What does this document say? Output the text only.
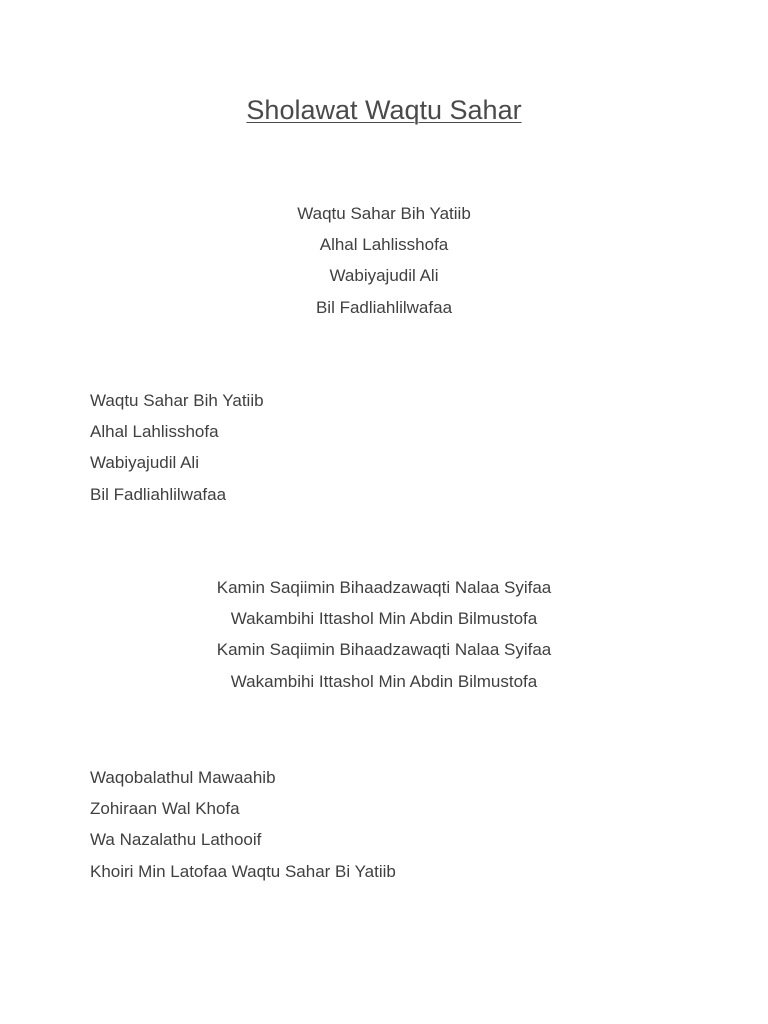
Sholawat Waqtu Sahar
Waqtu Sahar Bih Yatiib
Alhal Lahlisshofa
Wabiyajudil Ali
Bil Fadliahlilwafaa
Waqtu Sahar Bih Yatiib
Alhal Lahlisshofa
Wabiyajudil Ali
Bil Fadliahlilwafaa
Kamin Saqiimin Bihaadzawaqti Nalaa Syifaa
Wakambihi Ittashol Min Abdin Bilmustofa
Kamin Saqiimin Bihaadzawaqti Nalaa Syifaa
Wakambihi Ittashol Min Abdin Bilmustofa
Waqobalathul Mawaahib
Zohiraan Wal Khofa
Wa Nazalathu Lathooif
Khoiri Min Latofaa Waqtu Sahar Bi Yatiib
